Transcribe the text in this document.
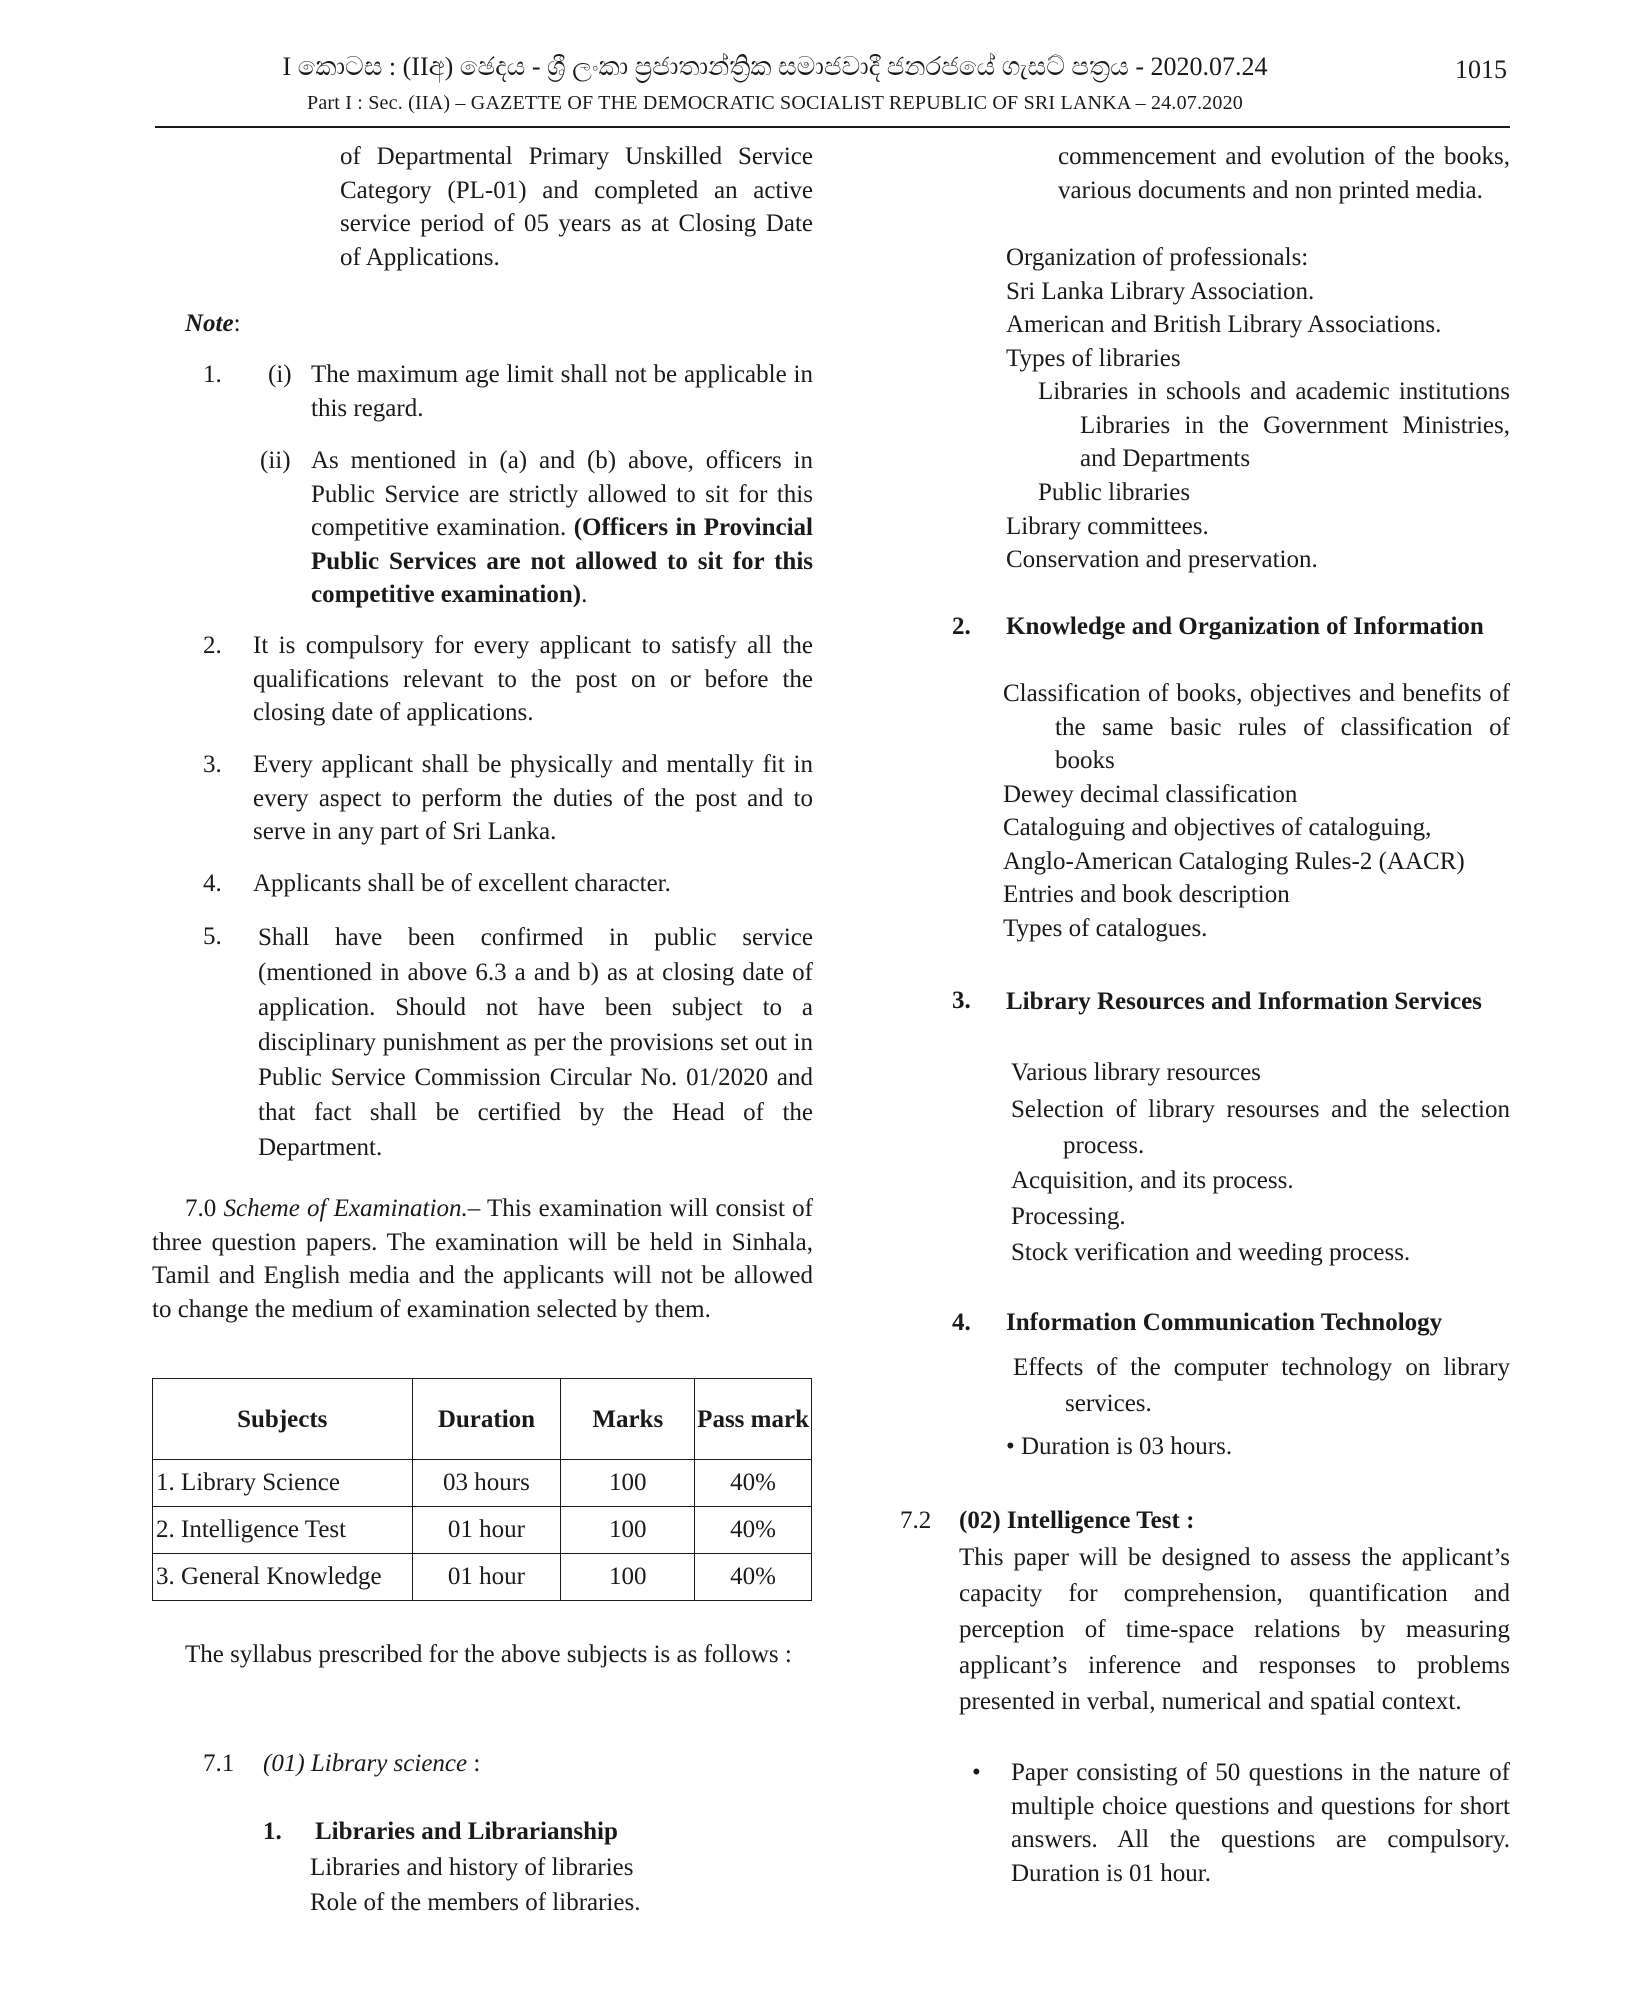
I කොටස : (IIඅ) ඡෙදය - ශ්‍රී ලංකා ප්‍රජාතාන්ත්‍රික සමාජවාදී ජනරජයේ ගැසට් පත්‍රය - 2020.07.24
Part I : Sec. (IIA) – GAZETTE OF THE DEMOCRATIC SOCIALIST REPUBLIC OF SRI LANKA – 24.07.2020
1015

of Departmental Primary Unskilled Service Category (PL-01) and completed an active service period of 05 years as at Closing Date of Applications.

Note:
1. (i) The maximum age limit shall not be applicable in this regard.

(ii) As mentioned in (a) and (b) above, officers in Public Service are strictly allowed to sit for this competitive examination. (Officers in Provincial Public Services are not allowed to sit for this competitive examination).

2. It is compulsory for every applicant to satisfy all the qualifications relevant to the post on or before the closing date of applications.

3. Every applicant shall be physically and mentally fit in every aspect to perform the duties of the post and to serve in any part of Sri Lanka.

4. Applicants shall be of excellent character.

5. Shall have been confirmed in public service (mentioned in above 6.3 a and b) as at closing date of application. Should not have been subject to a disciplinary punishment as per the provisions set out in Public Service Commission Circular No. 01/2020 and that fact shall be certified by the Head of the Department.

7.0 Scheme of Examination.– This examination will consist of three question papers. The examination will be held in Sinhala, Tamil and English media and the applicants will not be allowed to change the medium of examination selected by them.

Subjects	Duration	Marks	Pass mark
1. Library Science	03 hours	100	40%
2. Intelligence Test	01 hour	100	40%
3. General Knowledge	01 hour	100	40%

The syllabus prescribed for the above subjects is as follows :

7.1 (01) Library science :

1. Libraries and Librarianship

Libraries and history of libraries

Role of the members of libraries.

commencement and evolution of the books, various documents and non printed media.

Organization of professionals:

Sri Lanka Library Association.

American and British Library Associations.

Types of libraries

Libraries in schools and academic institutions Libraries in the Government Ministries, and Departments

Public libraries

Library committees.

Conservation and preservation.

2. Knowledge and Organization of Information

Classification of books, objectives and benefits of the same basic rules of classification of books

Dewey decimal classification

Cataloguing and objectives of cataloguing,

Anglo-American Cataloging Rules-2 (AACR)

Entries and book description

Types of catalogues.

3. Library Resources and Information Services

Various library resources

Selection of library resourses and the selection process.

Acquisition, and its process.

Processing.

Stock verification and weeding process.

4. Information Communication Technology

Effects of the computer technology on library services.

• Duration is 03 hours.

7.2 (02) Intelligence Test :

This paper will be designed to assess the applicant’s capacity for comprehension, quantification and perception of time-space relations by measuring applicant’s inference and responses to problems presented in verbal, numerical and spatial context.

• Paper consisting of 50 questions in the nature of multiple choice questions and questions for short answers. All the questions are compulsory. Duration is 01 hour.
